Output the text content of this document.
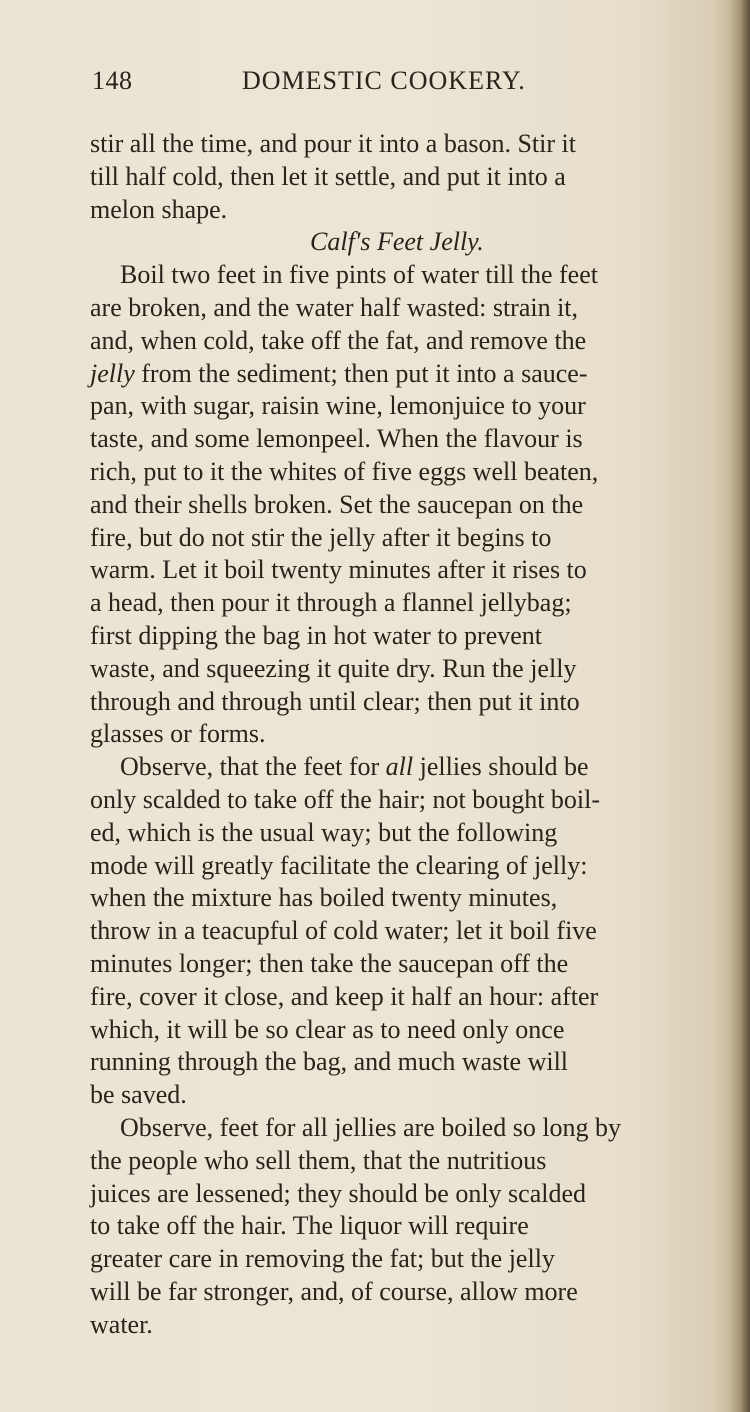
148	DOMESTIC COOKERY.
stir all the time, and pour it into a bason. Stir it
till half cold, then let it settle, and put it into a
melon shape.
Calf's Feet Jelly.
Boil two feet in five pints of water till the feet
are broken, and the water half wasted: strain it,
and, when cold, take off the fat, and remove the
jelly from the sediment; then put it into a sauce-
pan, with sugar, raisin wine, lemonjuice to your
taste, and some lemonpeel. When the flavour is
rich, put to it the whites of five eggs well beaten,
and their shells broken. Set the saucepan on the
fire, but do not stir the jelly after it begins to
warm. Let it boil twenty minutes after it rises to
a head, then pour it through a flannel jellybag;
first dipping the bag in hot water to prevent
waste, and squeezing it quite dry. Run the jelly
through and through until clear; then put it into
glasses or forms.
Observe, that the feet for all jellies should be
only scalded to take off the hair; not bought boil-
ed, which is the usual way; but the following
mode will greatly facilitate the clearing of jelly:
when the mixture has boiled twenty minutes,
throw in a teacupful of cold water; let it boil five
minutes longer; then take the saucepan off the
fire, cover it close, and keep it half an hour: after
which, it will be so clear as to need only once
running through the bag, and much waste will
be saved.
Observe, feet for all jellies are boiled so long by
the people who sell them, that the nutritious
juices are lessened; they should be only scalded
to take off the hair. The liquor will require
greater care in removing the fat; but the jelly
will be far stronger, and, of course, allow more
water.
